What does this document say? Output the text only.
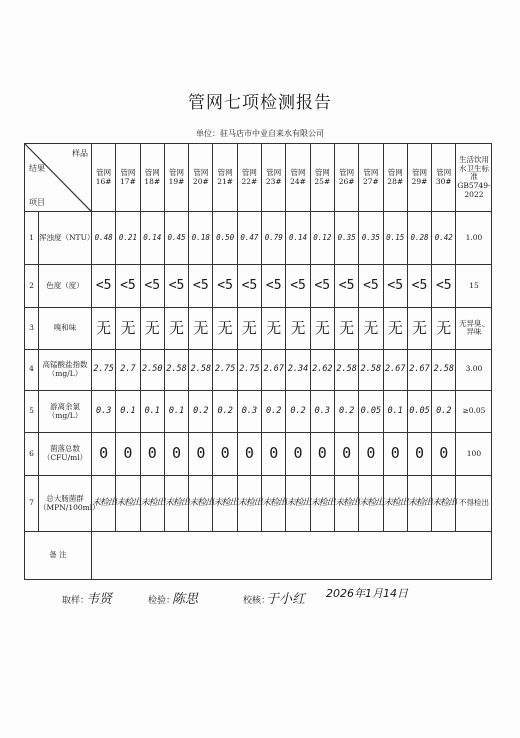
管网七项检测报告
单位：驻马店市中业自来水有限公司
样品
结果
项目		管网16#	管网17#	管网18#	管网19#	管网20#	管网21#	管网22#	管网23#	管网24#	管网25#	管网26#	管网27#	管网28#	管网29#	管网30#	生活饮用水卫生标准GB5749-2022
1	浑浊度（NTU）	0.48	0.21	0.14	0.45	0.18	0.50	0.47	0.79	0.14	0.12	0.35	0.35	0.15	0.28	0.42	1.00
2	色度（度）	<5	<5	<5	<5	<5	<5	<5	<5	<5	<5	<5	<5	<5	<5	<5	15
3	嗅和味	无	无	无	无	无	无	无	无	无	无	无	无	无	无	无	无异臭、异味
4	高锰酸盐指数（mg/L）	2.75	2.7	2.50	2.58	2.58	2.75	2.75	2.67	2.34	2.62	2.58	2.58	2.67	2.67	2.58	3.00
5	游离余氯（mg/L）	0.3	0.1	0.1	0.1	0.2	0.2	0.3	0.2	0.2	0.3	0.2	0.05	0.1	0.05	0.2	≥0.05
6	菌落总数（CFU/ml）	0	0	0	0	0	0	0	0	0	0	0	0	0	0	0	100
7	总大肠菌群（MPN/100ml）	未检出	未检出	未检出	未检出	未检出	未检出	未检出	未检出	未检出	未检出	未检出	未检出	未检出	未检出	未检出	不得检出
备 注																	
取样：
韦贤	检验：
陈思	校核：
于小红 2026年1月14日
